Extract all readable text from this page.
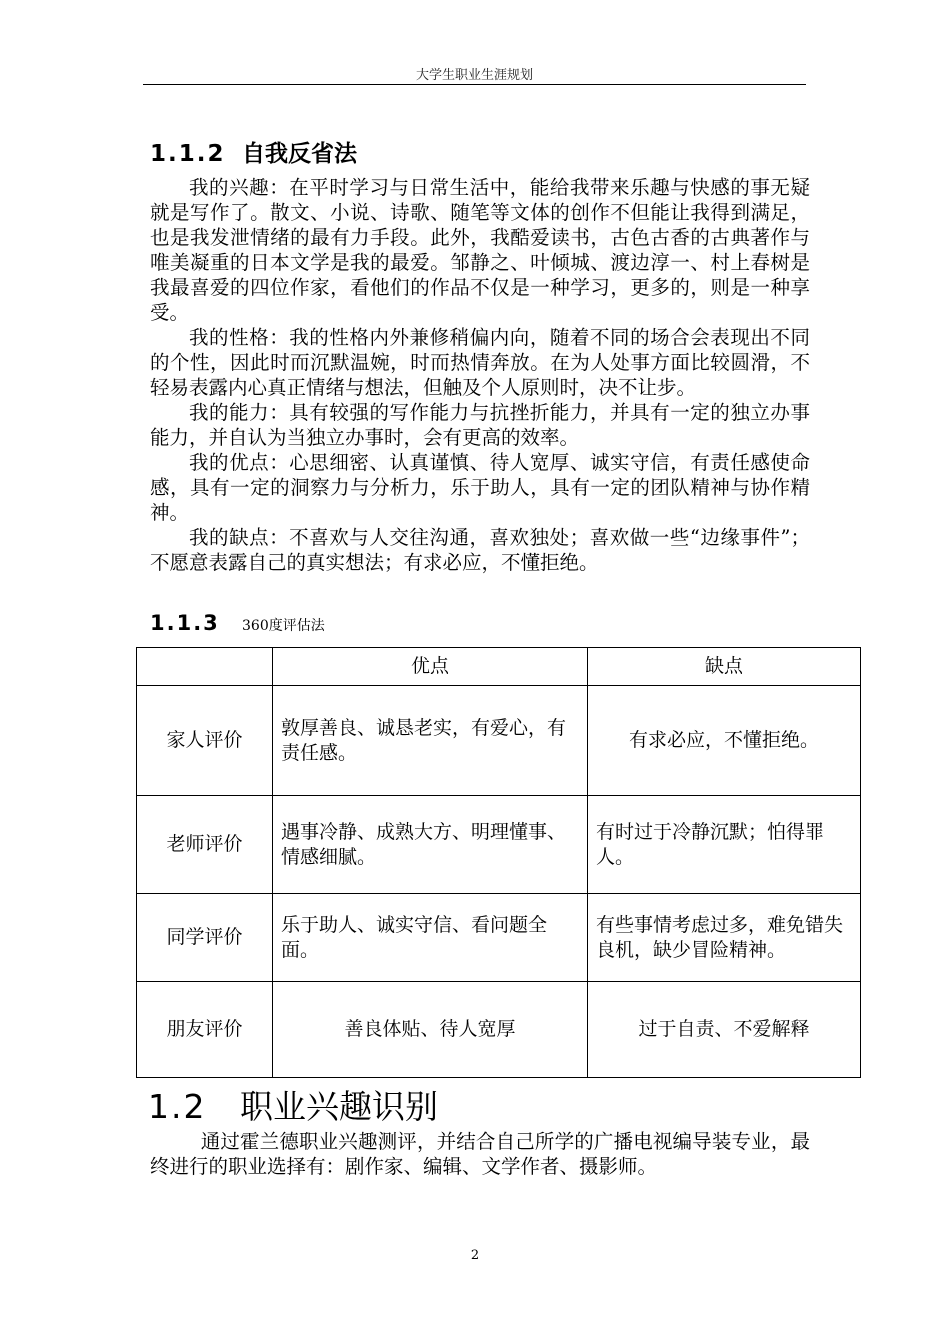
大学生职业生涯规划
1.1.2 自我反省法

我的兴趣：在平时学习与日常生活中，能给我带来乐趣与快感的事无疑就是写作了。散文、小说、诗歌、随笔等文体的创作不但能让我得到满足，也是我发泄情绪的最有力手段。此外，我酷爱读书，古色古香的古典著作与唯美凝重的日本文学是我的最爱。邹静之、叶倾城、渡边淳一、村上春树是我最喜爱的四位作家，看他们的作品不仅是一种学习，更多的，则是一种享受。

我的性格：我的性格内外兼修稍偏内向，随着不同的场合会表现出不同的个性，因此时而沉默温婉，时而热情奔放。在为人处事方面比较圆滑，不轻易表露内心真正情绪与想法，但触及个人原则时，决不让步。

我的能力：具有较强的写作能力与抗挫折能力，并具有一定的独立办事能力，并自认为当独立办事时，会有更高的效率。

我的优点：心思细密、认真谨慎、待人宽厚、诚实守信，有责任感使命感，具有一定的洞察力与分析力，乐于助人，具有一定的团队精神与协作精神。

我的缺点：不喜欢与人交往沟通，喜欢独处；喜欢做一些“边缘事件”；不愿意表露自己的真实想法；有求必应，不懂拒绝。

1.1.3 360度评估法
	优点	缺点
家人评价	敦厚善良、诚恳老实，有爱心，有责任感。	有求必应，不懂拒绝。
老师评价	遇事冷静、成熟大方、明理懂事、情感细腻。	有时过于冷静沉默；怕得罪人。
同学评价	乐于助人、诚实守信、看问题全面。	有些事情考虑过多，难免错失良机，缺少冒险精神。
朋友评价	善良体贴、待人宽厚	过于自责、不爱解释
1.2 职业兴趣识别

通过霍兰德职业兴趣测评，并结合自己所学的广播电视编导装专业，最终进行的职业选择有：剧作家、编辑、文学作者、摄影师。

2
